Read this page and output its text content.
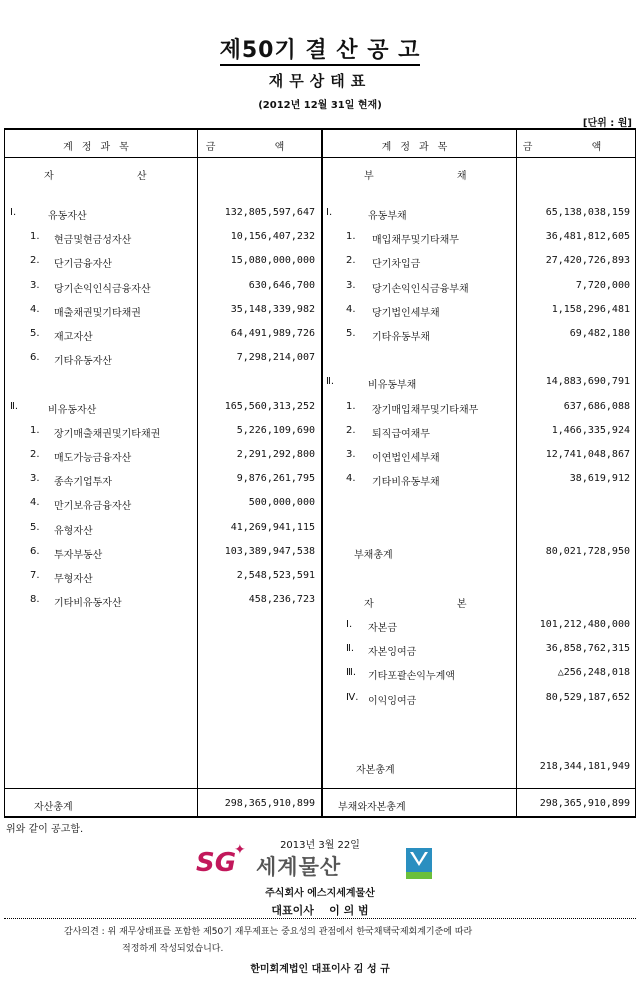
제50기 결 산 공 고
재무상태표
(2012년 12월 31일 현재)
[단위 : 원]
계정과목	금 액	계정과목	금 액
자 산	부 채
I.	유동자산	132,805,597,647
1. 현금및현금성자산	10,156,407,232
2. 단기금융자산	15,080,000,000
3. 당기손익인식금융자산	630,646,700
4. 매출채권및기타채권	35,148,339,982
5. 재고자산	64,491,989,726
6. 기타유동자산	7,298,214,007
Ⅱ.	비유동자산	165,560,313,252
1. 장기매출채권및기타채권	5,226,109,690
2. 매도가능금융자산	2,291,292,800
3. 종속기업투자	9,876,261,795
4. 만기보유금융자산	500,000,000
5. 유형자산	41,269,941,115
6. 투자부동산	103,389,947,538
7. 무형자산	2,548,523,591
8. 기타비유동자산	458,236,723
I.	유동부채	65,138,038,159
1. 매입채무및기타채무	36,481,812,605
2. 단기차입금	27,420,726,893
3. 당기손익인식금융부채	7,720,000
4. 당기법인세부채	1,158,296,481
5. 기타유동부채	69,482,180
Ⅱ.	비유동부채	14,883,690,791
1. 장기매입채무및기타채무	637,686,088
2. 퇴직급여채무	1,466,335,924
3. 이연법인세부채	12,741,048,867
4. 기타비유동부채	38,619,912
부채총계	80,021,728,950
자 본
I. 자본금	101,212,480,000
Ⅱ. 자본잉여금	36,858,762,315
Ⅲ. 기타포괄손익누계액	△256,248,018
Ⅳ. 이익잉여금	80,529,187,652
자본총계	218,344,181,949
자산총계	298,365,910,899 부채와자본총계	298,365,910,899
위와 같이 공고함.
2013년 3월 22일
SG
✦
세계물산
주식회사 에스지세계물산
대표이사    이 의 범
감사의견 : 위 재무상태표를 포함한 제50기 재무제표는 중요성의 관점에서 한국채택국제회계기준에 따라
적정하게 작성되었습니다.
한미회계법인 대표이사 김 성 규
